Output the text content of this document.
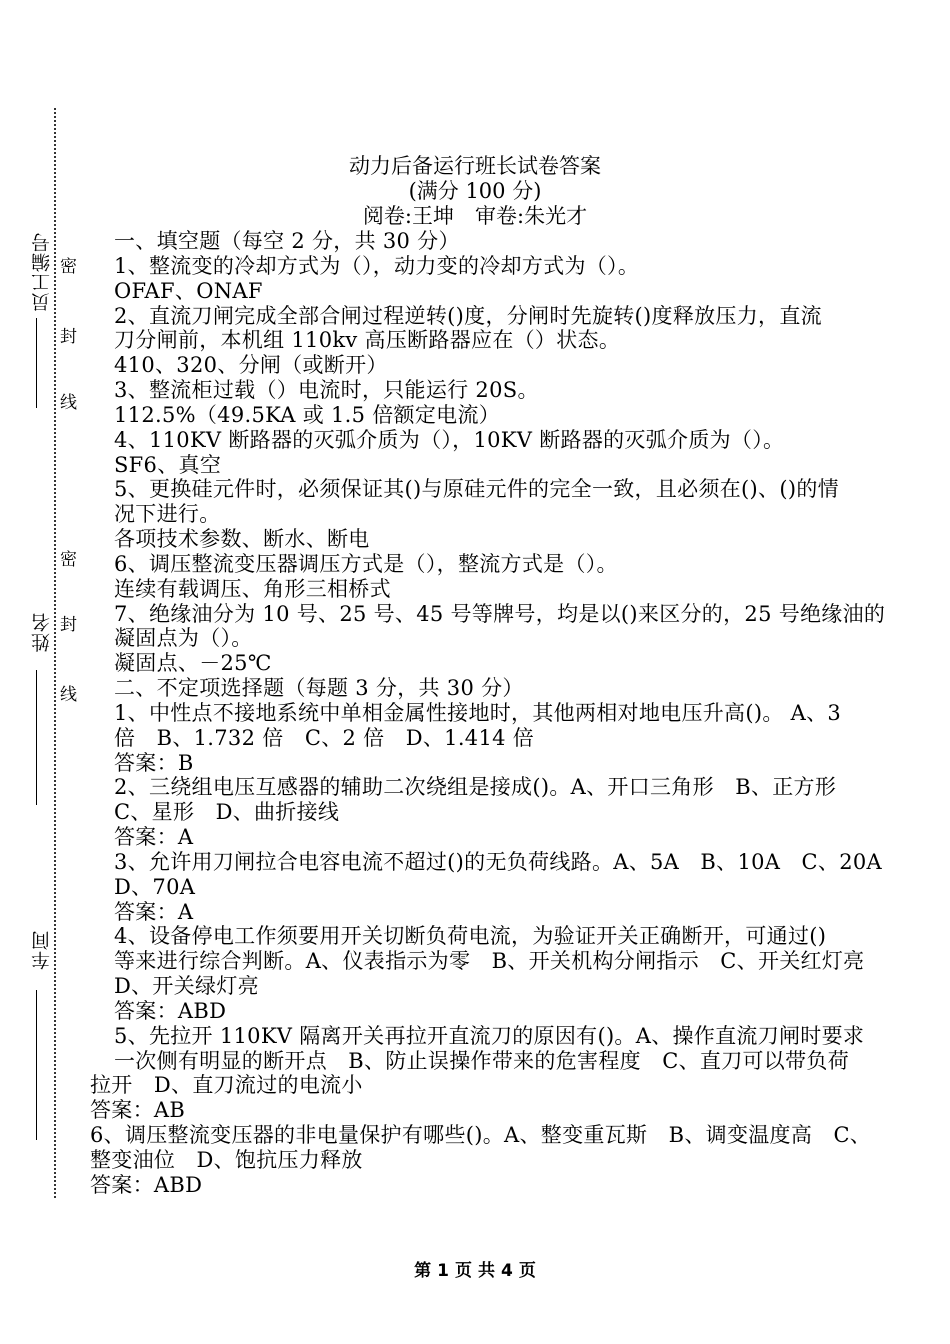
员工编号
姓名
车间
密
封
线
密
封
线
动力后备运行班长试卷答案
(满分 100 分)
阅卷:王坤　审卷:朱光才
一、填空题（每空 2 分，共 30 分）
1、整流变的冷却方式为（），动力变的冷却方式为（）。
OFAF、ONAF
2、直流刀闸完成全部合闸过程逆转()度，分闸时先旋转()度释放压力，直流
刀分闸前，本机组 110kv 高压断路器应在（）状态。
410、320、分闸（或断开）
3、整流柜过载（）电流时，只能运行 20S。
112.5%（49.5KA 或 1.5 倍额定电流）
4、110KV 断路器的灭弧介质为（），10KV 断路器的灭弧介质为（）。
SF6、真空
5、更换硅元件时，必须保证其()与原硅元件的完全一致，且必须在()、()的情
况下进行。
各项技术参数、断水、断电
6、调压整流变压器调压方式是（），整流方式是（）。
连续有载调压、角形三相桥式
7、绝缘油分为 10 号、25 号、45 号等牌号，均是以()来区分的，25 号绝缘油的
凝固点为（）。
凝固点、－25℃
二、不定项选择题（每题 3 分，共 30 分）
1、中性点不接地系统中单相金属性接地时，其他两相对地电压升高()。 A、3
倍　B、1.732 倍　C、2 倍　D、1.414 倍
答案：B
2、三绕组电压互感器的辅助二次绕组是接成()。A、开口三角形　B、正方形
C、星形　D、曲折接线
答案：A
3、允许用刀闸拉合电容电流不超过()的无负荷线路。A、5A　B、10A　C、20A
D、70A
答案：A
4、设备停电工作须要用开关切断负荷电流，为验证开关正确断开，可通过()
等来进行综合判断。A、仪表指示为零　B、开关机构分闸指示　C、开关红灯亮
D、开关绿灯亮
答案：ABD
5、先拉开 110KV 隔离开关再拉开直流刀的原因有()。A、操作直流刀闸时要求
一次侧有明显的断开点　B、防止误操作带来的危害程度　C、直刀可以带负荷
拉开　D、直刀流过的电流小
答案：AB
6、调压整流变压器的非电量保护有哪些()。A、整变重瓦斯　B、调变温度高　C、
整变油位　D、饱抗压力释放
答案：ABD
第 1 页 共 4 页
